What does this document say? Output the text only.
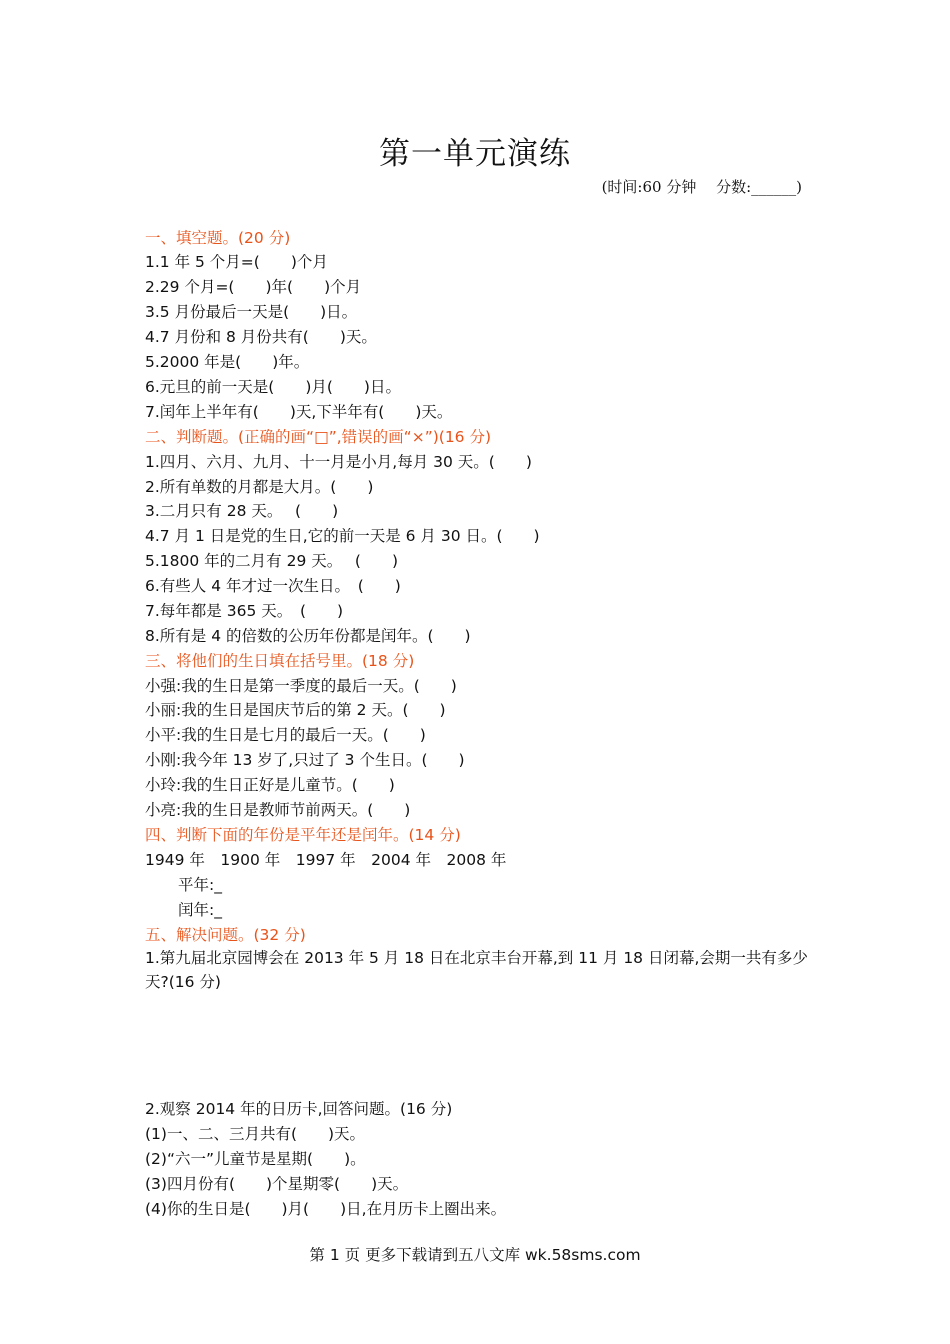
第一单元演练
(时间:60 分钟　 分数:______)
一、填空题。(20 分)
1.1 年 5 个月=(　　)个月
2.29 个月=(　　)年(　　)个月
3.5 月份最后一天是(　　)日。
4.7 月份和 8 月份共有(　　)天。
5.2000 年是(　　)年。
6.元旦的前一天是(　　)月(　　)日。
7.闰年上半年有(　　)天,下半年有(　　)天。
二、判断题。(正确的画“□”,错误的画“×”)(16 分)
1.四月、六月、九月、十一月是小月,每月 30 天。(　　)
2.所有单数的月都是大月。(　　)
3.二月只有 28 天。　 (　　)
4.7 月 1 日是党的生日,它的前一天是 6 月 30 日。(　　)
5.1800 年的二月有 29 天。　 (　　)
6.有些人 4 年才过一次生日。　(　　)
7.每年都是 365 天。　(　　)
8.所有是 4 的倍数的公历年份都是闰年。(　　)
三、将他们的生日填在括号里。(18 分)
小强:我的生日是第一季度的最后一天。(　　)
小丽:我的生日是国庆节后的第 2 天。(　　)
小平:我的生日是七月的最后一天。(　　)
小刚:我今年 13 岁了,只过了 3 个生日。(　　)
小玲:我的生日正好是儿童节。(　　)
小亮:我的生日是教师节前两天。(　　)
四、判断下面的年份是平年还是闰年。(14 分)
1949 年　1900 年　1997 年　2004 年　2008 年
平年:_
闰年:_
五、解决问题。(32 分)
1.第九届北京园博会在 2013 年 5 月 18 日在北京丰台开幕,到 11 月 18 日闭幕,会期一共有多少天?(16 分)
2.观察 2014 年的日历卡,回答问题。(16 分)
(1)一、二、三月共有(　　)天。
(2)“六一”儿童节是星期(　　)。
(3)四月份有(　　)个星期零(　　)天。
(4)你的生日是(　　)月(　　)日,在月历卡上圈出来。
第 1 页 更多下载请到五八文库 wk.58sms.com
